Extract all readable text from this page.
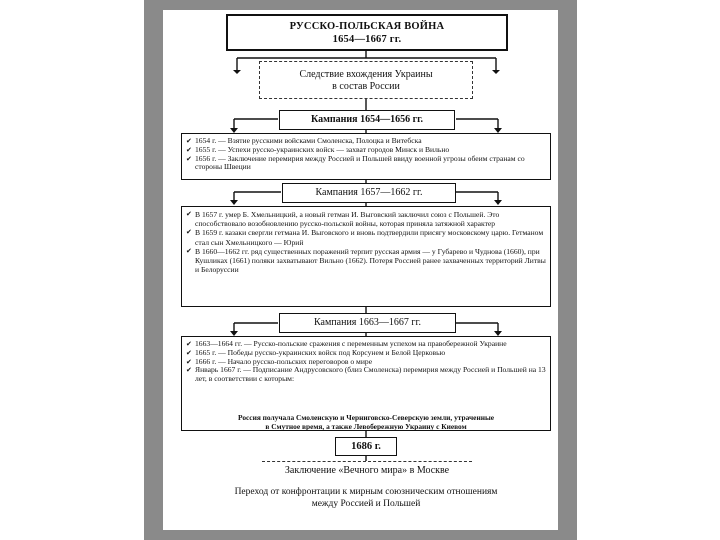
РУССКО-ПОЛЬСКАЯ ВОЙНА
1654—1667 гг.
Следствие вхождения Украины
в состав России
Кампания 1654—1656 гг.
✔ 1654 г. — Взятие русскими войсками Смоленска, Полоцка и Витебска
✔ 1655 г. — Успехи русско-украинских войск — захват городов Минск и Вильно
✔ 1656 г. — Заключение перемирия между Россией и Польшей ввиду военной угрозы обеим странам со стороны Швеции
Кампания 1657—1662 гг.
✔ В 1657 г. умер Б. Хмельницкий, а новый гетман И. Выговский заключил союз с Польшей. Это способствовало возобновлению русско-польской войны, которая приняла затяжной характер
✔ В 1659 г. казаки свергли гетмана И. Выговского и вновь подтвердили присягу московскому царю. Гетманом стал сын Хмельницкого — Юрий
✔ В 1660—1662 гг. ряд существенных поражений терпит русская армия — у Губарево и Чуднова (1660), при Кушликах (1661) поляки захватывают Вильно (1662). Потеря Россией ранее захваченных территорий Литвы и Белоруссии
Кампания 1663—1667 гг.
✔ 1663—1664 гг. — Русско-польские сражения с переменным успехом на правобережной Украине
✔ 1665 г. — Победы русско-украинских войск под Корсунем и Белой Церковью
✔ 1666 г. — Начало русско-польских переговоров о мире
✔ Январь 1667 г. — Подписание Андрусовского (близ Смоленска) перемирия между Россией и Польшей на 13 лет, в соответствии с которым:
Россия получала Смоленскую и Черниговско-Северскую земли, утраченные
в Смутное время, а также Левобережную Украину с Киевом
1686 г.
Заключение «Вечного мира» в Москве
Переход от конфронтации к мирным союзническим отношениям
между Россией и Польшей
